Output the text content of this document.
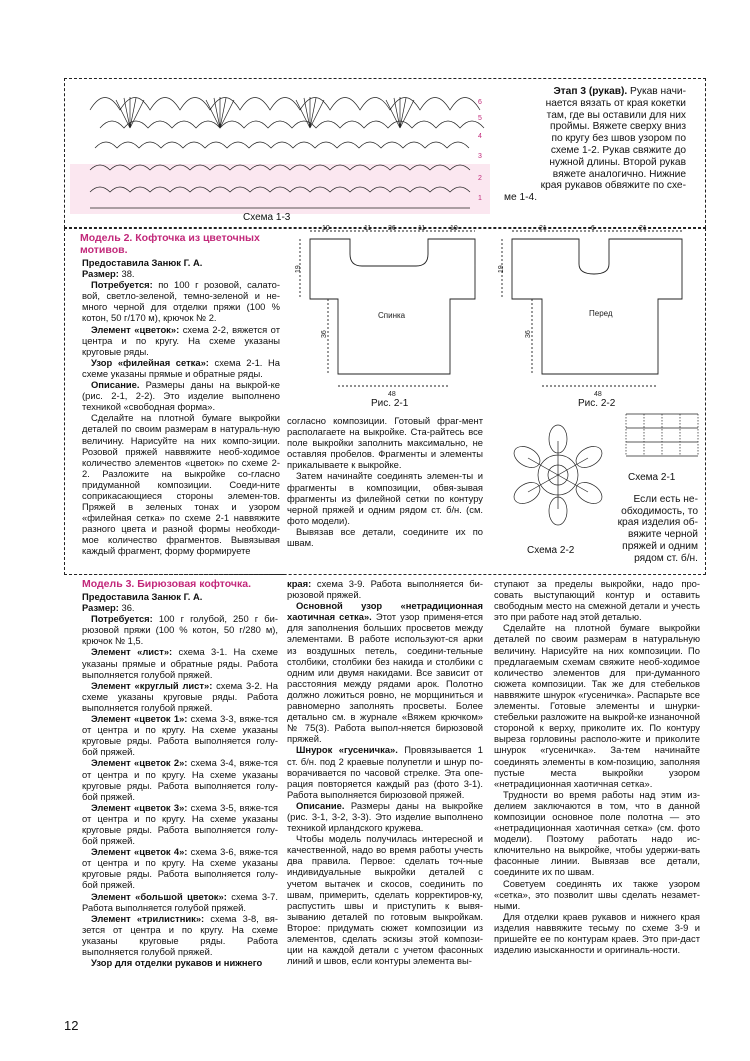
6
5
4
3
2
1
Схема 1-3
Этап 3 (рукав). Рукав начи-
нается вязать от края кокетки
там, где вы оставили для них
проймы. Вяжете сверху вниз
по кругу без швов узором по
схеме 1-2. Рукав свяжите до
нужной длины. Второй рукав
вяжете аналогично. Нижние
края рукавов обвяжите по схе-
ме 1-4.
Модель 2. Кофточка из цветочных
мотивов.

Предоставила Занюк Г. А.

Размер: 38.

Потребуется: по 100 г розовой, салато-вой, светло-зеленой, темно-зеленой и не-много черной для отделки пряжи (100 % котон, 50 г/170 м), крючок № 2.

Элемент «цветок»: схема 2-2, вяжется от центра и по кругу. На схеме указаны круговые ряды.

Узор «филейная сетка»: схема 2-1. На схеме указаны прямые и обратные ряды.

Описание. Размеры даны на выкрой-ке (рис. 2-1, 2-2). Это изделие выполнено техникой «свободная форма».

Сделайте на плотной бумаге выкройки деталей по своим размерам в натураль-ную величину. Нарисуйте на них компо-зиции. Розовой пряжей наввяжите необ-ходимое количество элементов «цветок» по схеме 2-2. Разложите на выкройке со-гласно придуманной композиции. Соеди-ните соприкасающиеся стороны элемен-тов. Пряжей в зеленых тонах и узором «филейная сетка» по схеме 2-1 наввяжите разного цвета и разной формы необходи-мое количество фрагментов. Вывязывая каждый фрагмент, форму формируете

10	11 26	11	10
19
36
48
Спинка
Рис. 2-1
21	6	21
19
36
48
Перед
Рис. 2-2

согласно композиции. Готовый фраг-мент располагаете на выкройке. Ста-райтесь все поле выкройки заполнить максимально, не оставляя пробелов. Фрагменты и элементы прикалываете к выкройке.

Затем начинайте соединять элемен-ты и фрагменты в композиции, обвя-зывая фрагменты из филейной сетки по контуру черной пряжей и одним рядом ст. б/н. (см. фото модели).

Вывязав все детали, соедините их по швам.

Схема 2-2
Схема 2-1
Если есть не-
обходимость, то
края изделия об-
вяжите черной
пряжей и одним
рядом ст. б/н.
Модель 3. Бирюзовая кофточка.

Предоставила Занюк Г. А.

Размер: 36.

Потребуется: 100 г голубой, 250 г би-рюзовой пряжи (100 % котон, 50 г/280 м), крючок № 1,5.

Элемент «лист»: схема 3-1. На схеме указаны прямые и обратные ряды. Работа выполняется голубой пряжей.

Элемент «круглый лист»: схема 3-2. На схеме указаны круговые ряды. Работа выполняется голубой пряжей.

Элемент «цветок 1»: схема 3-3, вяже-тся от центра и по кругу. На схеме указаны круговые ряды. Работа выполняется голу-бой пряжей.

Элемент «цветок 2»: схема 3-4, вяже-тся от центра и по кругу. На схеме указаны круговые ряды. Работа выполняется голу-бой пряжей.

Элемент «цветок 3»: схема 3-5, вяже-тся от центра и по кругу. На схеме указаны круговые ряды. Работа выполняется голу-бой пряжей.

Элемент «цветок 4»: схема 3-6, вяже-тся от центра и по кругу. На схеме указаны круговые ряды. Работа выполняется голу-бой пряжей.

Элемент «большой цветок»: схема 3-7. Работа выполняется голубой пряжей.

Элемент «трилистник»: схема 3-8, вя-зется от центра и по кругу. На схеме указаны круговые ряды. Работа выполняется голубой пряжей.

Узор для отделки рукавов и нижнего

края: схема 3-9. Работа выполняется би-рюзовой пряжей.

Основной узор «нетрадиционная хаотичная сетка». Этот узор применя-ется для заполнения больших просветов между элементами. В работе используют-ся арки из воздушных петель, соедини-тельные столбики, столбики без накида и столбики с одним или двумя накидами. Все зависит от расстояния между рядами арок. Полотно должно ложиться ровно, не морщиниться и равномерно заполнять просветы. Более детально см. в журнале «Вяжем крючком» № 75(3). Работа выпол-няется бирюзовой пряжей.

Шнурок «гусеничка». Провязывается 1 ст. б/н. под 2 краевые полупетли и шнур по-ворачивается по часовой стрелке. Эта опе-рация повторяется каждый раз (фото 3-1). Работа выполняется бирюзовой пряжей.

Описание. Размеры даны на выкройке (рис. 3-1, 3-2, 3-3). Это изделие выполнено техникой ирландского кружева.

Чтобы модель получилась интересной и качественной, надо во время работы учесть два правила. Первое: сделать точ-ные индивидуальные выкройки деталей с учетом вытачек и скосов, соединить по швам, примерить, сделать корректиров-ку, распустить швы и приступить к вывя-зыванию деталей по готовым выкройкам. Второе: придумать сюжет композиции из элементов, сделать эскизы этой компози-ции на каждой детали с учетом фасонных линий и швов, если контуры элемента вы-

ступают за пределы выкройки, надо про-совать выступающий контур и оставить свободным место на смежной детали и учесть это при работе над этой деталью.

Сделайте на плотной бумаге выкройки деталей по своим размерам в натуральную величину. Нарисуйте на них композиции. По предлагаемым схемам свяжите необ-ходимое количество элементов для при-думанного сюжета композиции. Так же для стебельков наввяжите шнурок «гусеничка». Распарьте все элементы. Готовые элементы и шнурки-стебельки разложите на выкрой-ке изнаночной стороной к верху, приколите их. По контуру выреза горловины располо-жите и приколите шнурок «гусеничка». За-тем начинайте соединять элементы в ком-позицию, заполняя пустые места выкройки узором «нетрадиционная хаотичная сетка».

Трудности во время работы над этим из-делием заключаются в том, что в данной композиции основное поле полотна — это «нетрадиционная хаотичная сетка» (см. фото модели). Поэтому работать надо ис-ключительно на выкройке, чтобы удержи-вать фасонные линии. Вывязав все детали, соедините их по швам.

Советуем соединять их также узором «сетка», это позволит швы сделать незамет-ными.

Для отделки краев рукавов и нижнего края изделия наввяжите тесьму по схеме 3-9 и пришейте ее по контурам краев. Это при-даст изделию изысканности и оригиналь-ности.

12
